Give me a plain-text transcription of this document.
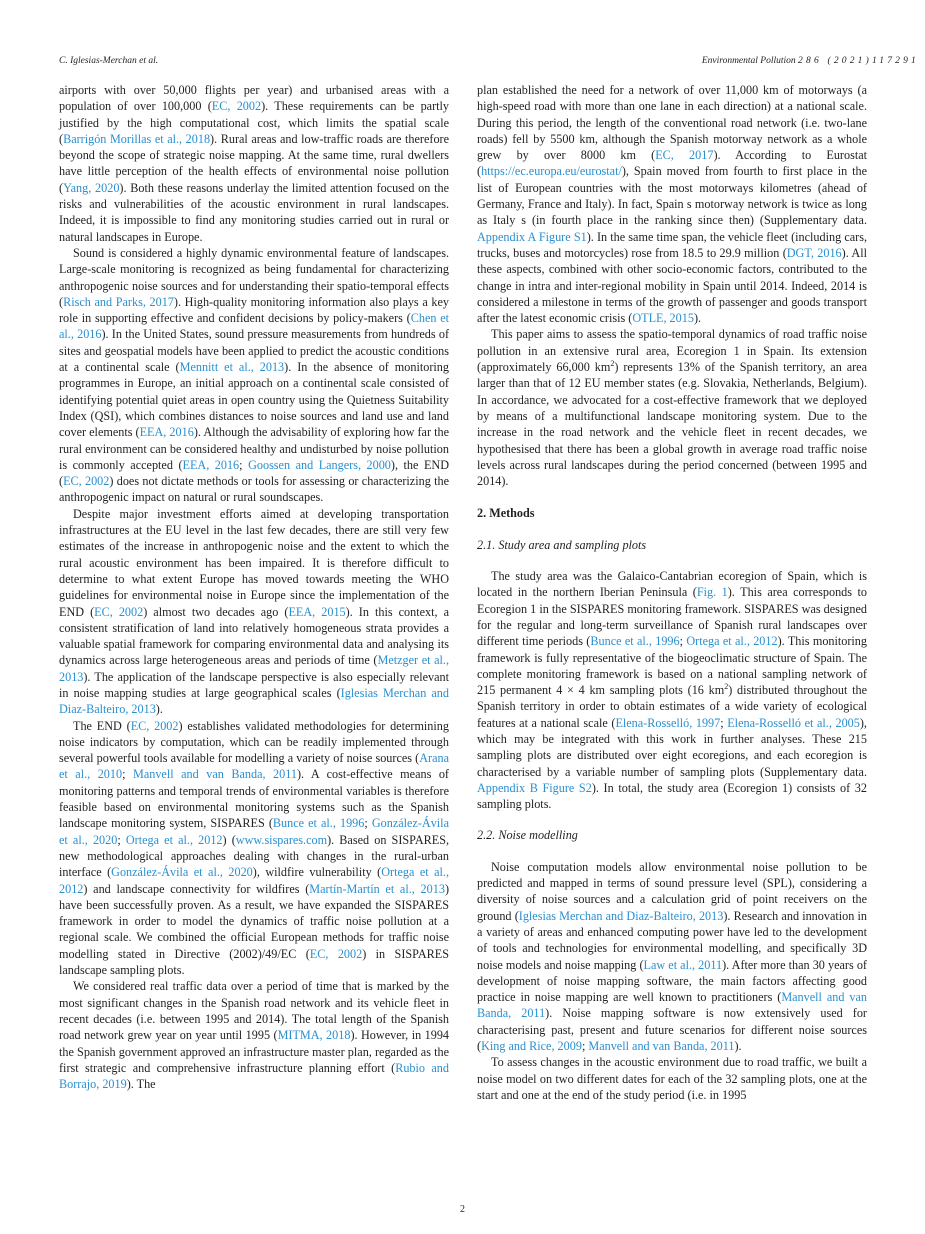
C. Iglesias-Merchan et al.	Environmental Pollution 286 (2021)117291

airports with over 50,000 flights per year) and urbanised areas with a population of over 100,000 (EC, 2002). These requirements can be partly justified by the high computational cost, which limits the spatial scale (Barrigón Morillas et al., 2018). Rural areas and low-traffic roads are therefore beyond the scope of strategic noise mapping. At the same time, rural dwellers have little perception of the health effects of environmental noise pollution (Yang, 2020). Both these reasons underlay the limited attention focused on the risks and vulnerabilities of the acoustic environment in rural landscapes. Indeed, it is impossible to find any monitoring studies carried out in rural or natural landscapes in Europe.

Sound is considered a highly dynamic environmental feature of landscapes. Large-scale monitoring is recognized as being fundamental for characterizing anthropogenic noise sources and for understanding their spatio-temporal effects (Risch and Parks, 2017). High-quality monitoring information also plays a key role in supporting effective and confident decisions by policy-makers (Chen et al., 2016). In the United States, sound pressure measurements from hundreds of sites and geospatial models have been applied to predict the acoustic conditions at a continental scale (Mennitt et al., 2013). In the absence of monitoring programmes in Europe, an initial approach on a continental scale consisted of identifying potential quiet areas in open country using the Quietness Suitability Index (QSI), which combines distances to noise sources and land use and land cover elements (EEA, 2016). Although the advisability of exploring how far the rural environment can be considered healthy and undisturbed by noise pollution is commonly accepted (EEA, 2016; Goossen and Langers, 2000), the END (EC, 2002) does not dictate methods or tools for assessing or characterizing the anthropogenic impact on natural or rural soundscapes.

Despite major investment efforts aimed at developing transportation infrastructures at the EU level in the last few decades, there are still very few estimates of the increase in anthropogenic noise and the extent to which the rural acoustic environment has been impaired. It is therefore difficult to determine to what extent Europe has moved towards meeting the WHO guidelines for environmental noise in Europe since the implementation of the END (EC, 2002) almost two decades ago (EEA, 2015). In this context, a consistent stratification of land into relatively homogeneous strata provides a valuable spatial framework for comparing environmental data and analysing its dynamics across large heterogeneous areas and periods of time (Metzger et al., 2013). The application of the landscape perspective is also especially relevant in noise mapping studies at large geographical scales (Iglesias Merchan and Diaz-Balteiro, 2013).

The END (EC, 2002) establishes validated methodologies for determining noise indicators by computation, which can be readily implemented through several powerful tools available for modelling a variety of noise sources (Arana et al., 2010; Manvell and van Banda, 2011). A cost-effective means of monitoring patterns and temporal trends of environmental variables is therefore feasible based on environmental monitoring systems such as the Spanish landscape monitoring system, SISPARES (Bunce et al., 1996; González-Ávila et al., 2020; Ortega et al., 2012) (www.sispares.com). Based on SISPARES, new methodological approaches dealing with changes in the rural-urban interface (González-Ávila et al., 2020), wildfire vulnerability (Ortega et al., 2012) and landscape connectivity for wildfires (Martín-Martín et al., 2013) have been successfully proven. As a result, we have expanded the SISPARES framework in order to model the dynamics of traffic noise pollution at a regional scale. We combined the official European methods for traffic noise modelling stated in Directive (2002)/49/EC (EC, 2002) in SISPARES landscape sampling plots.

We considered real traffic data over a period of time that is marked by the most significant changes in the Spanish road network and its vehicle fleet in recent decades (i.e. between 1995 and 2014). The total length of the Spanish road network grew year on year until 1995 (MITMA, 2018). However, in 1994 the Spanish government approved an infrastructure master plan, regarded as the first strategic and comprehensive infrastructure planning effort (Rubio and Borrajo, 2019). The

plan established the need for a network of over 11,000 km of motorways (a high-speed road with more than one lane in each direction) at a national scale. During this period, the length of the conventional road network (i.e. two-lane roads) fell by 5500 km, although the Spanish motorway network as a whole grew by over 8000 km (EC, 2017). According to Eurostat (https://ec.europa.eu/eurostat/), Spain moved from fourth to first place in the list of European countries with the most motorways kilometres (ahead of Germany, France and Italy). In fact, Spain s motorway network is twice as long as Italy s (in fourth place in the ranking since then) (Supplementary data. Appendix A Figure S1). In the same time span, the vehicle fleet (including cars, trucks, buses and motorcycles) rose from 18.5 to 29.9 million (DGT, 2016). All these aspects, combined with other socio-economic factors, contributed to the change in intra and inter-regional mobility in Spain until 2014. Indeed, 2014 is considered a milestone in terms of the growth of passenger and goods transport after the latest economic crisis (OTLE, 2015).

This paper aims to assess the spatio-temporal dynamics of road traffic noise pollution in an extensive rural area, Ecoregion 1 in Spain. Its extension (approximately 66,000 $km^2$) represents 13% of the Spanish territory, an area larger than that of 12 EU member states (e.g. Slovakia, Netherlands, Belgium). In accordance, we advocated for a cost-effective framework that we deployed by means of a multifunctional landscape monitoring system. Due to the increase in the road network and the vehicle fleet in recent decades, we hypothesised that there has been a global growth in average road traffic noise levels across rural landscapes during the period concerned (between 1995 and 2014).

2. Methods
2.1. Study area and sampling plots

The study area was the Galaico-Cantabrian ecoregion of Spain, which is located in the northern Iberian Peninsula (Fig. 1). This area corresponds to Ecoregion 1 in the SISPARES monitoring framework. SISPARES was designed for the regular and long-term surveillance of Spanish rural landscapes over different time periods (Bunce et al., 1996; Ortega et al., 2012). This monitoring framework is fully representative of the biogeoclimatic structure of Spain. The complete monitoring framework is based on a national sampling network of 215 permanent 4 × 4 km sampling plots (16 $km^2$) distributed throughout the Spanish territory in order to obtain estimates of a wide variety of ecological features at a national scale (Elena-Rosselló, 1997; Elena-Rosselló et al., 2005), which may be integrated with this work in further analyses. These 215 sampling plots are distributed over eight ecoregions, and each ecoregion is characterised by a variable number of sampling plots (Supplementary data. Appendix B Figure S2). In total, the study area (Ecoregion 1) consists of 32 sampling plots.

2.2. Noise modelling

Noise computation models allow environmental noise pollution to be predicted and mapped in terms of sound pressure level (SPL), considering a diversity of noise sources and a calculation grid of point receivers on the ground (Iglesias Merchan and Diaz-Balteiro, 2013). Research and innovation in a variety of areas and enhanced computing power have led to the development of tools and technologies for environmental modelling, and specifically 3D noise models and noise mapping (Law et al., 2011). After more than 30 years of development of noise mapping software, the main factors affecting good practice in noise mapping are well known to practitioners (Manvell and van Banda, 2011). Noise mapping software is now extensively used for characterising past, present and future scenarios for different noise sources (King and Rice, 2009; Manvell and van Banda, 2011).

To assess changes in the acoustic environment due to road traffic, we built a noise model on two different dates for each of the 32 sampling plots, one at the start and one at the end of the study period (i.e. in 1995

2
